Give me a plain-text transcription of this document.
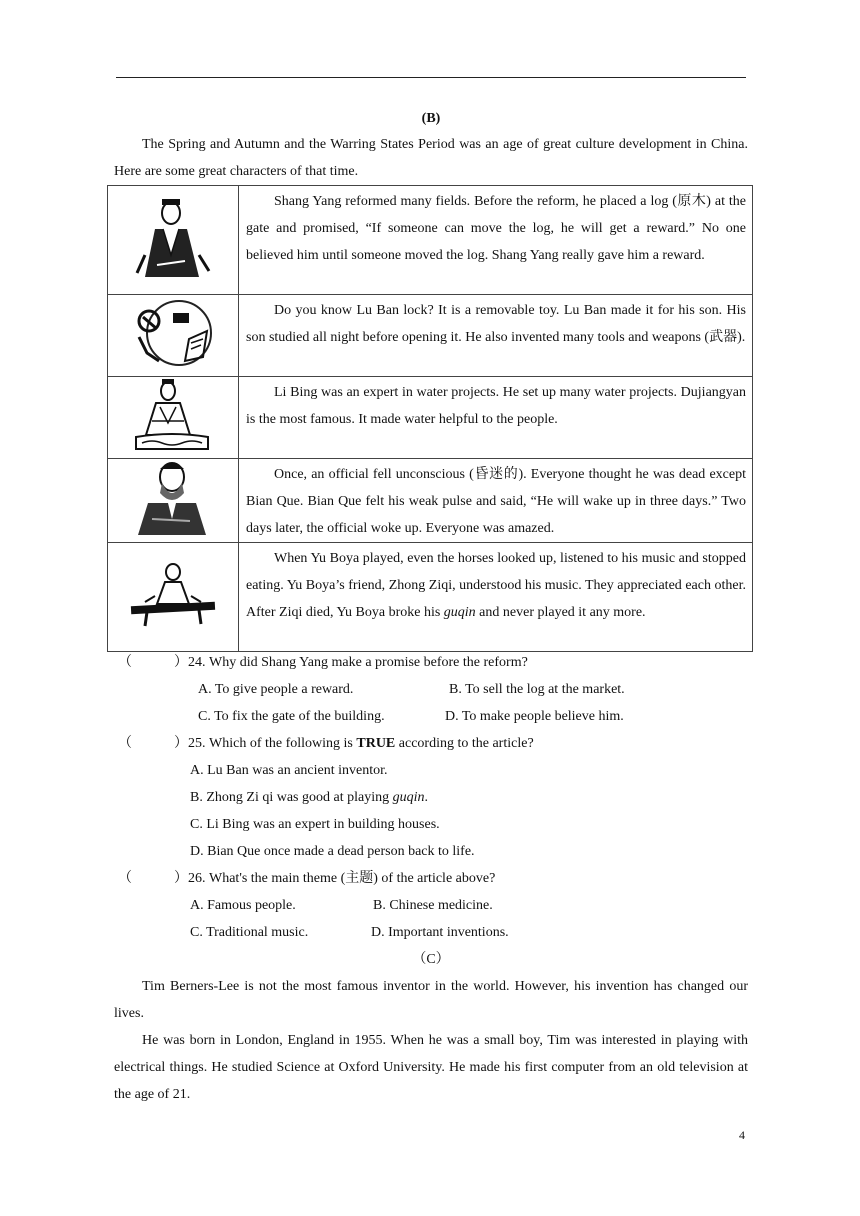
(B)
The Spring and Autumn and the Warring States Period was an age of great culture development in China. Here are some great characters of that time.

Shang Yang reformed many fields. Before the reform, he placed a log (原木) at the gate and promised, “If someone can move the log, he will get a reward.” No one believed him until someone moved the log. Shang Yang really gave him a reward.

Do you know Lu Ban lock? It is a removable toy. Lu Ban made it for his son. His son studied all night before opening it. He also invented many tools and weapons (武器).

Li Bing was an expert in water projects. He set up many water projects. Dujiangyan is the most famous. It made water helpful to the people.

Once, an official fell unconscious (昏迷的). Everyone thought he was dead except Bian Que. Bian Que felt his weak pulse and said, “He will wake up in three days.” Two days later, the official woke up. Everyone was amazed.

When Yu Boya played, even the horses looked up, listened to his music and stopped eating. Yu Boya’s friend, Zhong Ziqi, understood his music. They appreciated each other. After Ziqi died, Yu Boya broke his guqin and never played it any more.

（	）24. Why did Shang Yang make a promise before the reform?
A. To give people a reward.	B. To sell the log at the market.
C. To fix the gate of the building.	D. To make people believe him.
（	）25. Which of the following is TRUE according to the article?
A. Lu Ban was an ancient inventor.
B. Zhong Zi qi was good at playing guqin.
C. Li Bing was an expert in building houses.
D. Bian Que once made a dead person back to life.
（	）26. What's the main theme (主题) of the article above?
A. Famous people.	B. Chinese medicine.
C. Traditional music.	D. Important inventions.
（C）
Tim Berners-Lee is not the most famous inventor in the world. However, his invention has changed our lives.
He was born in London, England in 1955. When he was a small boy, Tim was interested in playing with electrical things. He studied Science at Oxford University. He made his first computer from an old television at the age of 21.
4
